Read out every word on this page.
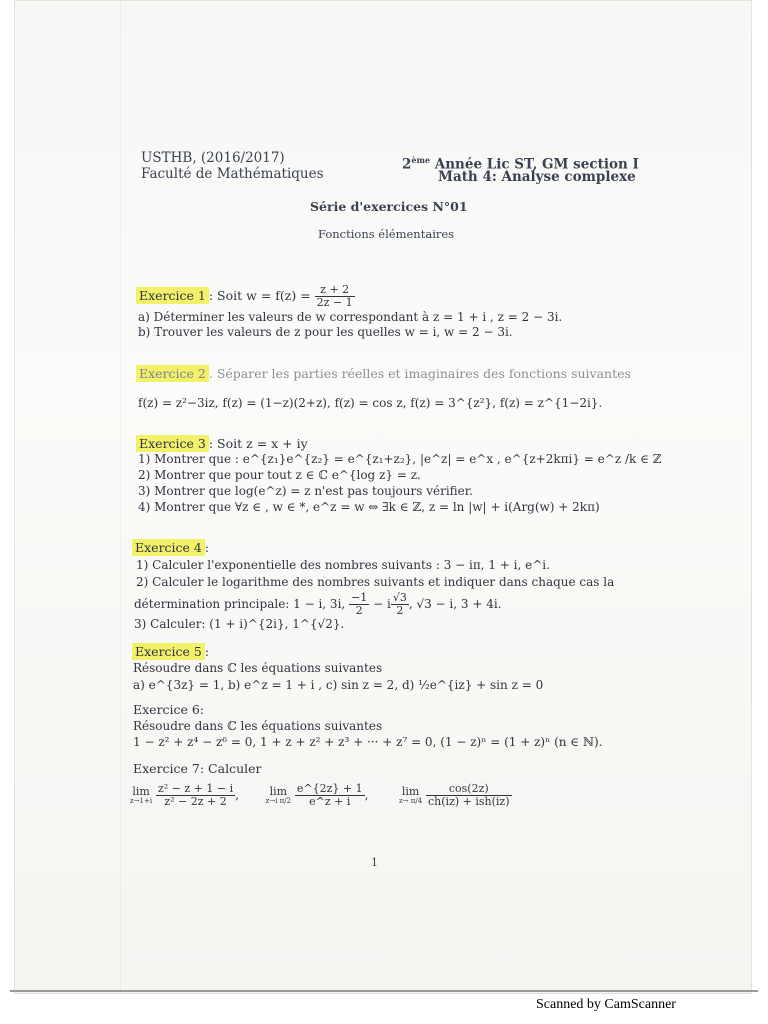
USTHB, (2016/2017)
Faculté de Mathématiques
2ème Année Lic ST, GM section I
Math 4: Analyse complexe
Série d'exercices N°01
Fonctions élémentaires
Exercice 1 : Soit $w = f(z) = \frac{z + 2}{2z - 1}$
a) Déterminer les valeurs de w correspondant à z = 1 + i , z = 2 − 3i.
b) Trouver les valeurs de z pour les quelles w = i, w = 2 − 3i.
Exercice 2 . Séparer les parties réelles et imaginaires des fonctions suivantes
f(z) = z²−3iz, f(z) = (1−z)(2+z), f(z) = cos z, f(z) = 3^{z²}, f(z) = z^{1−2i}.
Exercice 3 : Soit z = x + iy
1) Montrer que : e^{z₁}e^{z₂} = e^{z₁+z₂}, |e^z| = e^x , e^{z+2kπi} = e^z /k ∈ ℤ
2) Montrer que pour tout z ∈ ℂ e^{log z} = z.
3) Montrer que log(e^z) = z n'est pas toujours vérifier.
4) Montrer que ∀z ∈ , w ∈ *, e^z = w ⇔ ∃k ∈ ℤ, z = ln |w| + i(Arg(w) + 2kπ)
Exercice 4 :
1) Calculer l'exponentielle des nombres suivants : 3 − iπ, 1 + i, e^i.
2) Calculer le logarithme des nombres suivants et indiquer dans chaque cas la
détermination principale: 1 − i, 3i, $\frac{-1}{2} - i \frac{√3}{2}$ , √3 − i, 3 + 4i.
3) Calculer: (1 + i)^{2i}, 1^{√2}.
Exercice 5 :
Résoudre dans ℂ les équations suivantes
a) e^{3z} = 1, b) e^z = 1 + i , c) sin z = 2, d) ½e^{iz} + sin z = 0
Exercice 6:
Résoudre dans ℂ les équations suivantes
1 − z² + z⁴ − z⁶ = 0, 1 + z + z² + z³ + ··· + z⁷ = 0, (1 − z)ⁿ = (1 + z)ⁿ (n ∈ ℕ).
Exercice 7: Calculer
lim
z→1+i
$\frac{\text{z² − z + 1 − i}}{\text{z² − 2z + 2}}$ ,	lim
z→i π/2
$\frac{e\^{}\{2z\} + 1}{e\^{}z + i}$ ,	lim
z→ π/4
$\frac{\cos(2z)}{\text{ch(iz) + ish(iz)}}$
1
Scanned by CamScanner
